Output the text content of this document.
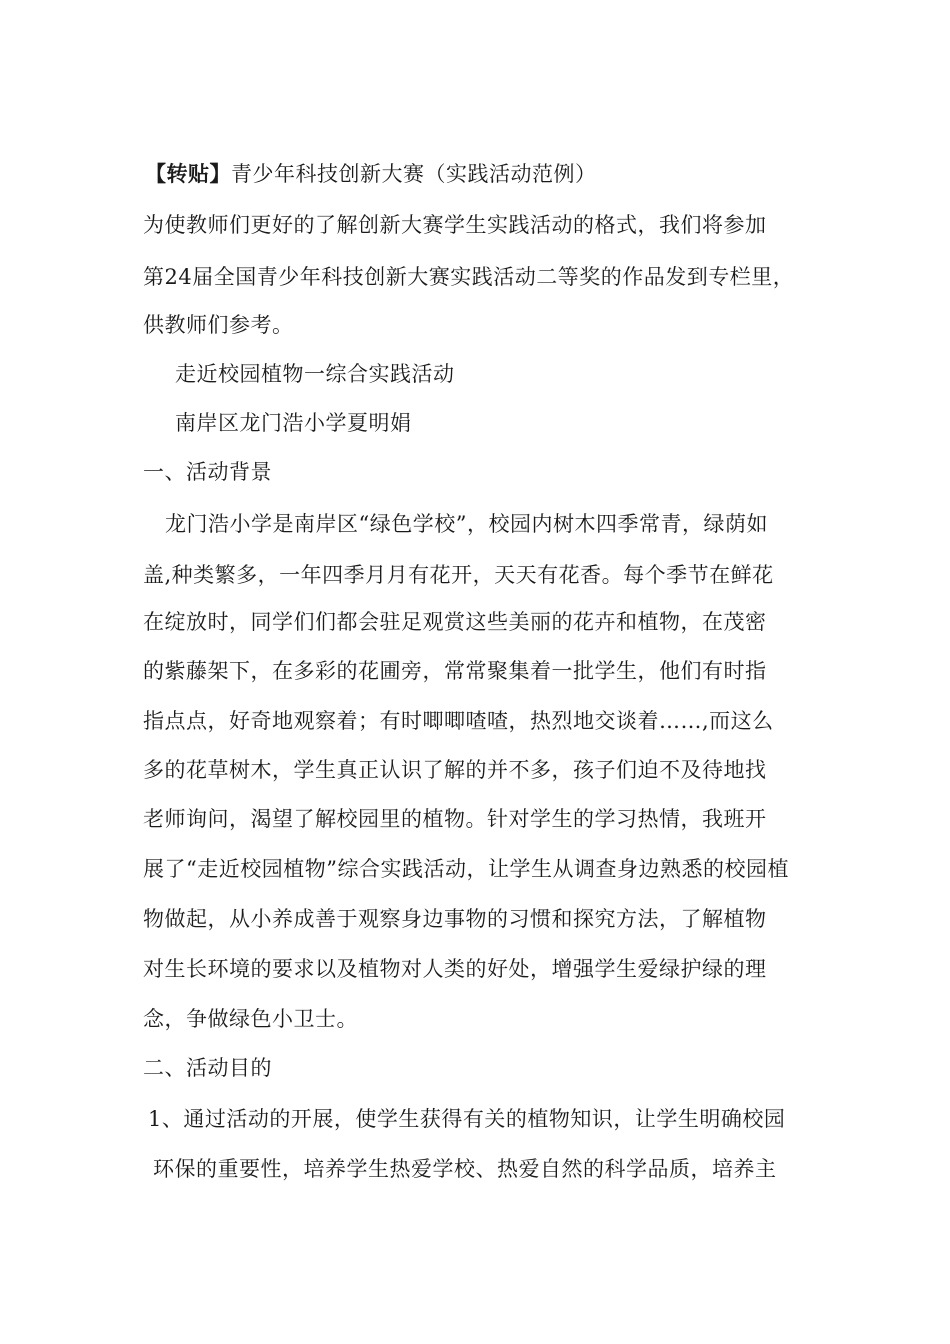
【转贴】青少年科技创新大赛（实践活动范例）
为使教师们更好的了解创新大赛学生实践活动的格式，我们将参加
第24届全国青少年科技创新大赛实践活动二等奖的作品发到专栏里，
供教师们参考。
走近校园植物一综合实践活动
南岸区龙门浩小学夏明娟
一、活动背景
龙门浩小学是南岸区“绿色学校”，校园内树木四季常青，绿荫如
盖,种类繁多，一年四季月月有花开，天天有花香。每个季节在鲜花
在绽放时，同学们们都会驻足观赏这些美丽的花卉和植物，在茂密
的紫藤架下，在多彩的花圃旁，常常聚集着一批学生，他们有时指
指点点，好奇地观察着；有时唧唧喳喳，热烈地交谈着……,而这么
多的花草树木，学生真正认识了解的并不多，孩子们迫不及待地找
老师询问，渴望了解校园里的植物。针对学生的学习热情，我班开
展了“走近校园植物”综合实践活动，让学生从调查身边熟悉的校园植
物做起，从小养成善于观察身边事物的习惯和探究方法，了解植物
对生长环境的要求以及植物对人类的好处，增强学生爱绿护绿的理
念，争做绿色小卫士。
二、活动目的
1、通过活动的开展，使学生获得有关的植物知识，让学生明确校园
环保的重要性，培养学生热爱学校、热爱自然的科学品质，培养主
